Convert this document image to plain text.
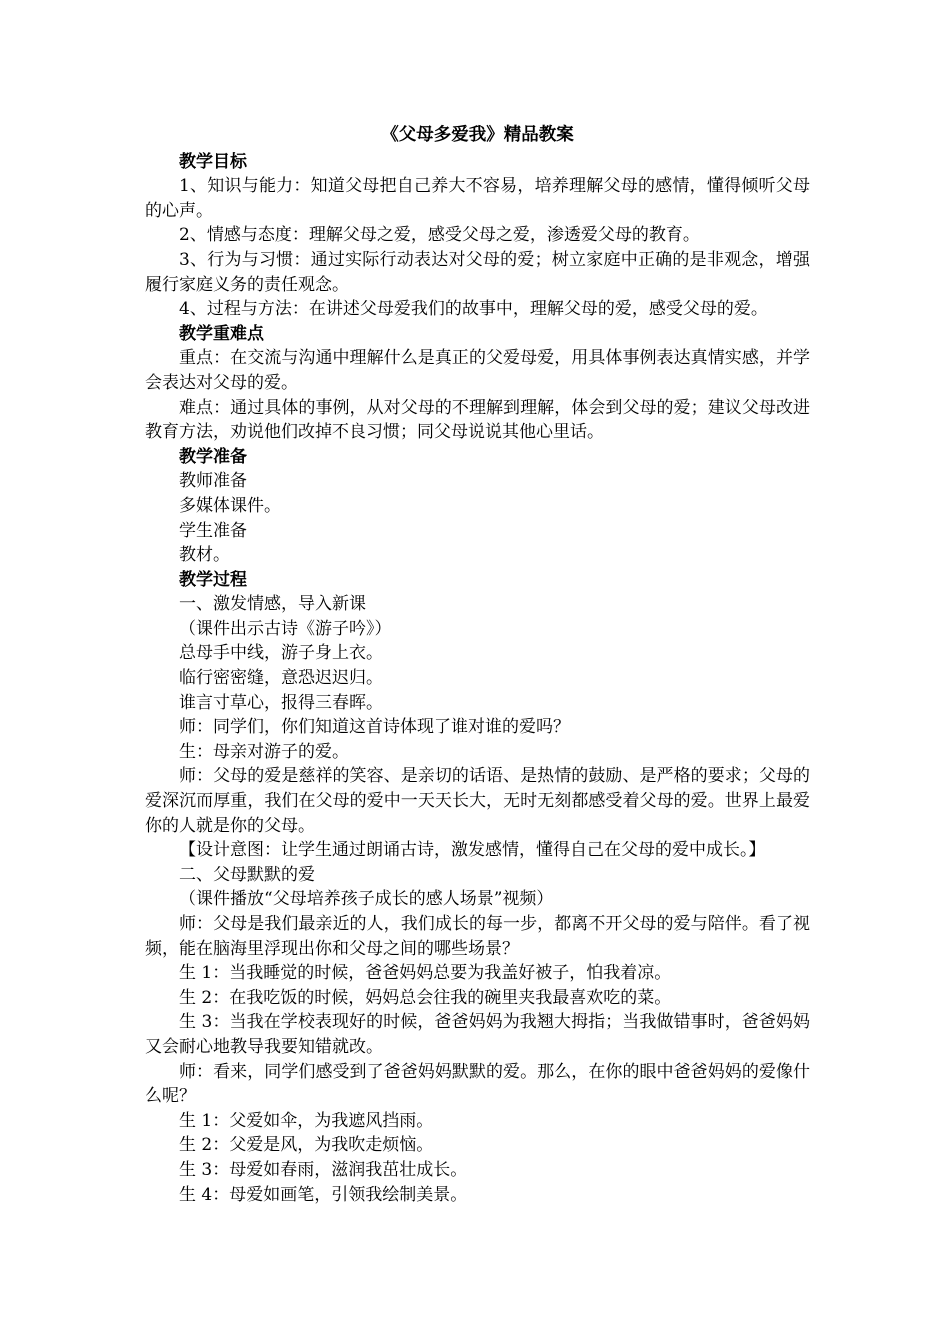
《父母多爱我》精品教案
教学目标
1、知识与能力：知道父母把自己养大不容易，培养理解父母的感情，懂得倾听父母的心声。
2、情感与态度：理解父母之爱，感受父母之爱，渗透爱父母的教育。
3、行为与习惯：通过实际行动表达对父母的爱；树立家庭中正确的是非观念，增强履行家庭义务的责任观念。
4、过程与方法：在讲述父母爱我们的故事中，理解父母的爱，感受父母的爱。
教学重难点
重点：在交流与沟通中理解什么是真正的父爱母爱，用具体事例表达真情实感，并学会表达对父母的爱。
难点：通过具体的事例，从对父母的不理解到理解，体会到父母的爱；建议父母改进教育方法，劝说他们改掉不良习惯；同父母说说其他心里话。
教学准备
教师准备
多媒体课件。
学生准备
教材。
教学过程
一、激发情感，导入新课
（课件出示古诗《游子吟》）
总母手中线，游子身上衣。
临行密密缝，意恐迟迟归。
谁言寸草心，报得三春晖。
师：同学们，你们知道这首诗体现了谁对谁的爱吗？
生：母亲对游子的爱。
师：父母的爱是慈祥的笑容、是亲切的话语、是热情的鼓励、是严格的要求；父母的爱深沉而厚重，我们在父母的爱中一天天长大，无时无刻都感受着父母的爱。世界上最爱你的人就是你的父母。
【设计意图：让学生通过朗诵古诗，激发感情，懂得自己在父母的爱中成长。】
二、父母默默的爱
（课件播放“父母培养孩子成长的感人场景”视频）
师：父母是我们最亲近的人，我们成长的每一步，都离不开父母的爱与陪伴。看了视频，能在脑海里浮现出你和父母之间的哪些场景？
生 1：当我睡觉的时候，爸爸妈妈总要为我盖好被子，怕我着凉。
生 2：在我吃饭的时候，妈妈总会往我的碗里夹我最喜欢吃的菜。
生 3：当我在学校表现好的时候，爸爸妈妈为我翘大拇指；当我做错事时，爸爸妈妈又会耐心地教导我要知错就改。
师：看来，同学们感受到了爸爸妈妈默默的爱。那么，在你的眼中爸爸妈妈的爱像什么呢？
生 1：父爱如伞，为我遮风挡雨。
生 2：父爱是风，为我吹走烦恼。
生 3：母爱如春雨，滋润我茁壮成长。
生 4：母爱如画笔，引领我绘制美景。
